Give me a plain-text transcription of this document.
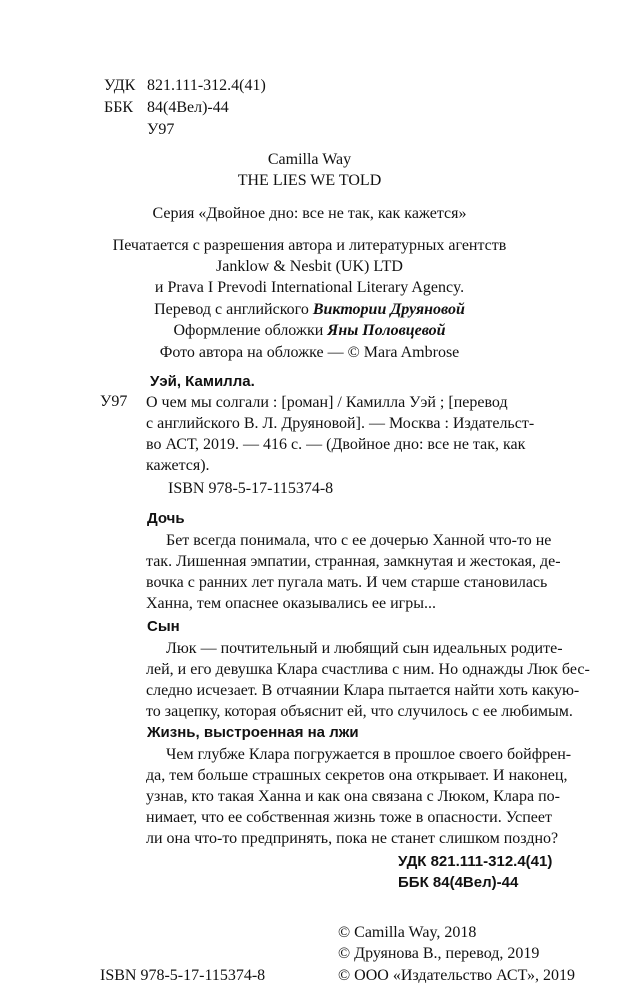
УДК 821.111-312.4(41)
ББК 84(4Вел)-44
У97
Camilla Way
THE LIES WE TOLD
Серия «Двойное дно: все не так, как кажется»
Печатается с разрешения автора и литературных агентств
Janklow & Nesbit (UK) LTD
и Prava I Prevodi International Literary Agency.
Перевод с английского Виктории Друяновой
Оформление обложки Яны Половцевой
Фото автора на обложке — © Mara Ambrose
Уэй, Камилла.
У97 О чем мы солгали : [роман] / Камилла Уэй ; [перевод
с английского В. Л. Друяновой]. — Москва : Издательст-
во АСТ, 2019. — 416 с. — (Двойное дно: все не так, как
кажется).
ISBN 978-5-17-115374-8
Дочь
Бет всегда понимала, что с ее дочерью Ханной что-то не
так. Лишенная эмпатии, странная, замкнутая и жестокая, де-
вочка с ранних лет пугала мать. И чем старше становилась
Ханна, тем опаснее оказывались ее игры...
Сын
Люк — почтительный и любящий сын идеальных родите-
лей, и его девушка Клара счастлива с ним. Но однажды Люк бес-
следно исчезает. В отчаянии Клара пытается найти хоть какую-
то зацепку, которая объяснит ей, что случилось с ее любимым.
Жизнь, выстроенная на лжи
Чем глубже Клара погружается в прошлое своего бойфрен-
да, тем больше страшных секретов она открывает. И наконец,
узнав, кто такая Ханна и как она связана с Люком, Клара по-
нимает, что ее собственная жизнь тоже в опасности. Успеет
ли она что-то предпринять, пока не станет слишком поздно?
УДК 821.111-312.4(41)
ББК 84(4Вел)-44
© Camilla Way, 2018
© Друянова В., перевод, 2019
ISBN 978-5-17-115374-8	© ООО «Издательство АСТ», 2019
